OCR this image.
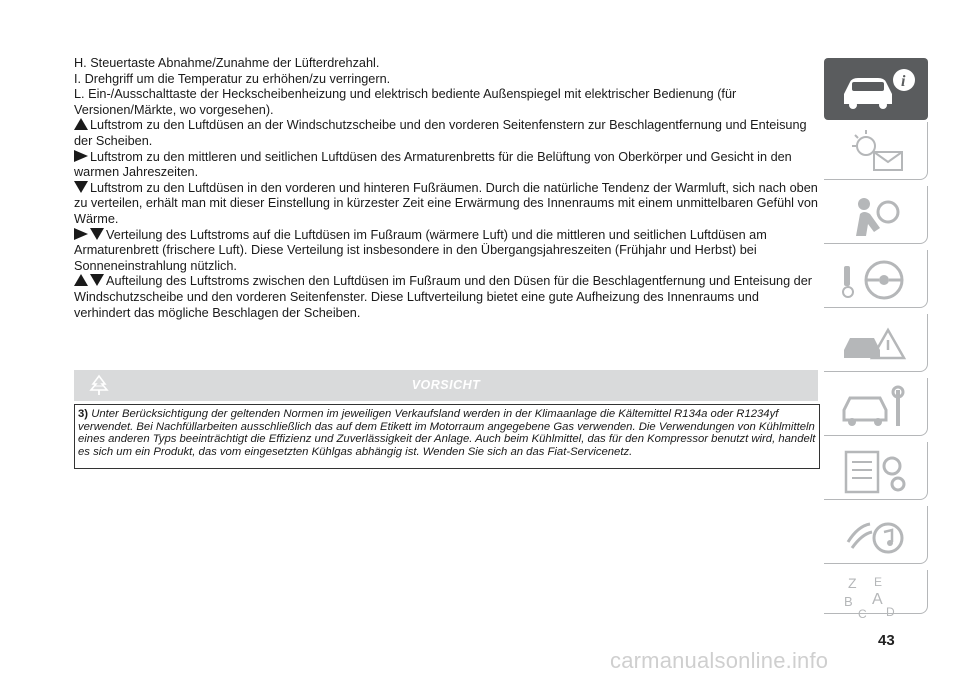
H. Steuertaste Abnahme/Zunahme der Lüfterdrehzahl.

I. Drehgriff um die Temperatur zu erhöhen/zu verringern.

L. Ein-/Ausschalttaste der Heckscheibenheizung und elektrisch bediente Außenspiegel mit elektrischer Bedienung (für Versionen/Märkte, wo vorgesehen).

Luftstrom zu den Luftdüsen an der Windschutzscheibe und den vorderen Seitenfenstern zur Beschlagentfernung und Enteisung der Scheiben.

Luftstrom zu den mittleren und seitlichen Luftdüsen des Armaturenbretts für die Belüftung von Oberkörper und Gesicht in den warmen Jahreszeiten.

Luftstrom zu den Luftdüsen in den vorderen und hinteren Fußräumen. Durch die natürliche Tendenz der Warmluft, sich nach oben zu verteilen, erhält man mit dieser Einstellung in kürzester Zeit eine Erwärmung des Innenraums mit einem unmittelbaren Gefühl von Wärme.

Verteilung des Luftstroms auf die Luftdüsen im Fußraum (wärmere Luft) und die mittleren und seitlichen Luftdüsen am Armaturenbrett (frischere Luft). Diese Verteilung ist insbesondere in den Übergangsjahreszeiten (Frühjahr und Herbst) bei Sonneneinstrahlung nützlich.

Aufteilung des Luftstroms zwischen den Luftdüsen im Fußraum und den Düsen für die Beschlagentfernung und Enteisung der Windschutzscheibe und den vorderen Seitenfenster. Diese Luftverteilung bietet eine gute Aufheizung des Innenraums und verhindert das mögliche Beschlagen der Scheiben.

VORSICHT
3) Unter Berücksichtigung der geltenden Normen im jeweiligen Verkaufsland werden in der Klimaanlage die Kältemittel R134a oder R1234yf verwendet. Bei Nachfüllarbeiten ausschließlich das auf dem Etikett im Motorraum angegebene Gas verwenden. Die Verwendungen von Kühlmitteln eines anderen Typs beeinträchtigt die Effizienz und Zuverlässigkeit der Anlage. Auch beim Kühlmittel, das für den Kompressor benutzt wird, handelt es sich um ein Produkt, das vom eingesetzten Kühlgas abhängig ist. Wenden Sie sich an das Fiat-Servicenetz.
i
Z E
B A
C D
43
carmanualsonline.info
